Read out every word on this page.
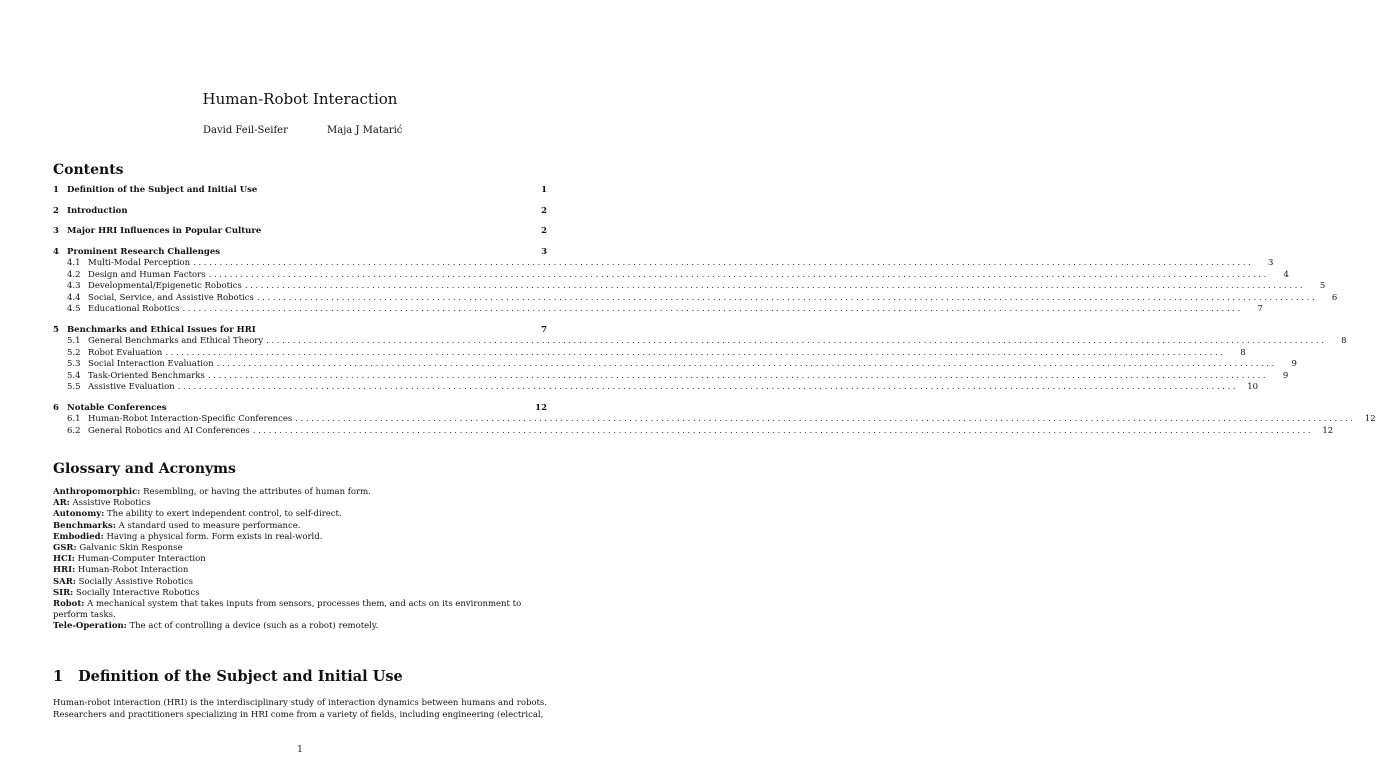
Human-Robot Interaction
David Feil-Seifer	Maja J Matarić
Contents
1 Definition of the Subject and Initial Use	1
2 Introduction	2
3 Major HRI Influences in Popular Culture	2
4 Prominent Research Challenges	3
4.1 Multi-Modal Perception ........................................................................................................................................................................................................	3
4.2 Design and Human Factors ........................................................................................................................................................................................................	4
4.3 Developmental/Epigenetic Robotics ........................................................................................................................................................................................................	5
4.4 Social, Service, and Assistive Robotics ........................................................................................................................................................................................................	6
4.5 Educational Robotics ........................................................................................................................................................................................................	7
5 Benchmarks and Ethical Issues for HRI	7
5.1 General Benchmarks and Ethical Theory ........................................................................................................................................................................................................	8
5.2 Robot Evaluation ........................................................................................................................................................................................................	8
5.3 Social Interaction Evaluation ........................................................................................................................................................................................................	9
5.4 Task-Oriented Benchmarks ........................................................................................................................................................................................................	9
5.5 Assistive Evaluation ........................................................................................................................................................................................................	10
6 Notable Conferences	12
6.1 Human-Robot Interaction-Specific Conferences ........................................................................................................................................................................................................	12
6.2 General Robotics and AI Conferences ........................................................................................................................................................................................................	12
Glossary and Acronyms
Anthropomorphic: Resembling, or having the attributes of human form.
AR: Assistive Robotics
Autonomy: The ability to exert independent control, to self-direct.
Benchmarks: A standard used to measure performance.
Embodied: Having a physical form. Form exists in real-world.
GSR: Galvanic Skin Response
HCI: Human-Computer Interaction
HRI: Human-Robot Interaction
SAR: Socially Assistive Robotics
SIR: Socially Interactive Robotics
Robot: A mechanical system that takes inputs from sensors, processes them, and acts on its environment to perform tasks.
Tele-Operation: The act of controlling a device (such as a robot) remotely.
1 Definition of the Subject and Initial Use
Human-robot interaction (HRI) is the interdisciplinary study of interaction dynamics between humans and robots. Researchers and practitioners specializing in HRI come from a variety of fields, including engineering (electrical,
1
